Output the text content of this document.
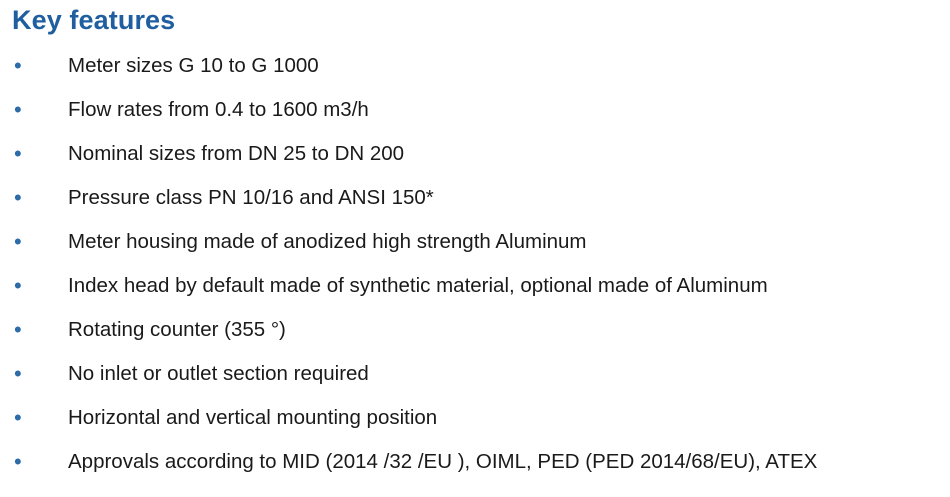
Key features
•	Meter sizes G 10 to G 1000
•	Flow rates from 0.4 to 1600 m3/h
•	Nominal sizes from DN 25 to DN 200
•	Pressure class PN 10/16 and ANSI 150*
•	Meter housing made of anodized high strength Aluminum
•	Index head by default made of synthetic material, optional made of Aluminum
•	Rotating counter (355 °)
•	No inlet or outlet section required
•	Horizontal and vertical mounting position
•	Approvals according to MID (2014 /32 /EU ), OIML, PED (PED 2014/68/EU), ATEX
